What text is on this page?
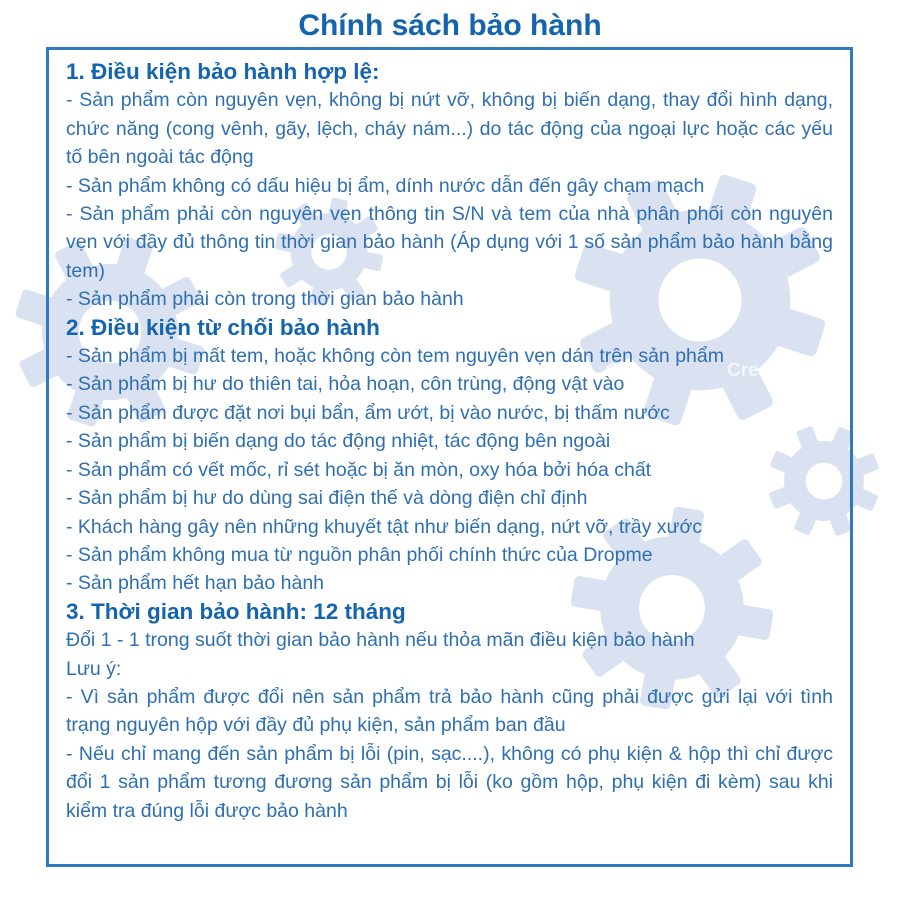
Creati
Chính sách bảo hành
1. Điều kiện bảo hành hợp lệ:

- Sản phẩm còn nguyên vẹn, không bị nứt vỡ, không bị biến dạng, thay đổi hình dạng, chức năng (cong vênh, gãy, lệch, cháy nám...) do tác động của ngoại lực hoặc các yếu tố bên ngoài tác động

- Sản phẩm không có dấu hiệu bị ẩm, dính nước dẫn đến gây chạm mạch

- Sản phẩm phải còn nguyên vẹn thông tin S/N và tem của nhà phân phối còn nguyên vẹn với đầy đủ thông tin thời gian bảo hành (Áp dụng với 1 số sản phẩm bảo hành bằng tem)

- Sản phẩm phải còn trong thời gian bảo hành

2. Điều kiện từ chối bảo hành

- Sản phẩm bị mất tem, hoặc không còn tem nguyên vẹn dán trên sản phẩm

- Sản phẩm bị hư do thiên tai, hỏa hoạn, côn trùng, động vật vào

- Sản phẩm được đặt nơi bụi bẩn, ẩm ướt, bị vào nước, bị thấm nước

- Sản phẩm bị biến dạng do tác động nhiệt, tác động bên ngoài

- Sản phẩm có vết mốc, rỉ sét hoặc bị ăn mòn, oxy hóa bởi hóa chất

- Sản phẩm bị hư do dùng sai điện thế và dòng điện chỉ định

- Khách hàng gây nên những khuyết tật như biến dạng, nứt vỡ, trầy xước

- Sản phẩm không mua từ nguồn phân phối chính thức của Dropme

- Sản phẩm hết hạn bảo hành

3. Thời gian bảo hành: 12 tháng

Đổi 1 - 1 trong suốt thời gian bảo hành nếu thỏa mãn điều kiện bảo hành

Lưu ý:

- Vì sản phẩm được đổi nên sản phẩm trả bảo hành cũng phải được gửi lại với tình trạng nguyên hộp với đầy đủ phụ kiện, sản phẩm ban đầu

- Nếu chỉ mang đến sản phẩm bị lỗi (pin, sạc....), không có phụ kiện & hộp thì chỉ được đổi 1 sản phẩm tương đương sản phẩm bị lỗi (ko gồm hộp, phụ kiện đi kèm) sau khi kiểm tra đúng lỗi được bảo hành
